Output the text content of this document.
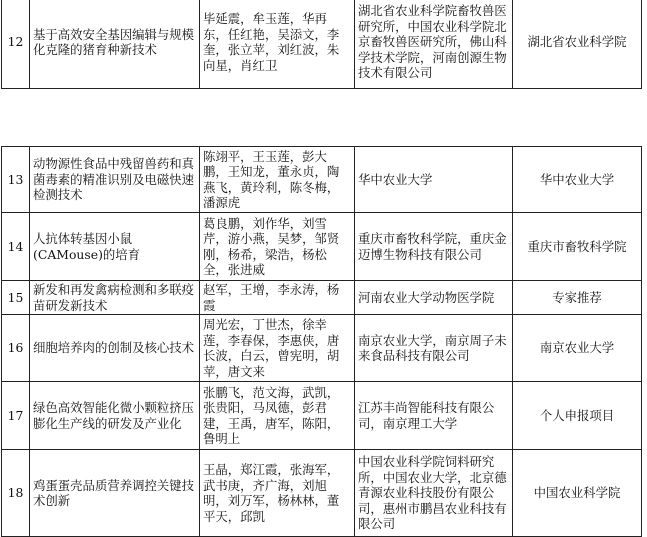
12	基于高效安全基因编辑与规模化克隆的猪育种新技术	毕延震，牟玉莲，华再东，任红艳，吴添文，李奎，张立苹，刘红波，朱向星，肖红卫	湖北省农业科学院畜牧兽医研究所，中国农业科学院北京畜牧兽医研究所，佛山科学技术学院，河南创源生物技术有限公司	湖北省农业科学院
13	动物源性食品中残留兽药和真菌毒素的精准识别及电磁快速检测技术	陈翊平，王玉莲，彭大鹏，王知龙，董永贞，陶燕飞，黄玲利，陈冬梅，潘源虎	华中农业大学	华中农业大学
14	人抗体转基因小鼠(CAMouse)的培育	葛良鹏，刘作华，刘雪芹，游小燕，吴梦，邹贤刚，杨希，梁浩，杨松全，张进威	重庆市畜牧科学院，重庆金迈博生物科技有限公司	重庆市畜牧科学院
15	新发和再发禽病检测和多联疫苗研发新技术	赵军，王增，李永涛，杨霞	河南农业大学动物医学院	专家推荐
16	细胞培养肉的创制及核心技术	周光宏，丁世杰，徐幸莲，李春保，李惠侠，唐长波，白云，曾宪明，胡苹，唐文来	南京农业大学，南京周子未来食品科技有限公司	南京农业大学
17	绿色高效智能化微小颗粒挤压膨化生产线的研发及产业化	张鹏飞，范文海，武凯，张贵阳，马凤德，彭君建，王禹，唐军，陈阳，鲁明上	江苏丰尚智能科技有限公司，南京理工大学	个人申报项目
18	鸡蛋蛋壳品质营养调控关键技术创新	王晶，郑江霞，张海军，武书庚，齐广海，刘旭明，刘万军，杨林林，董平天，邱凯	中国农业科学院饲料研究所，中国农业大学，北京德青源农业科技股份有限公司，惠州市鹏昌农业科技有限公司	中国农业科学院
